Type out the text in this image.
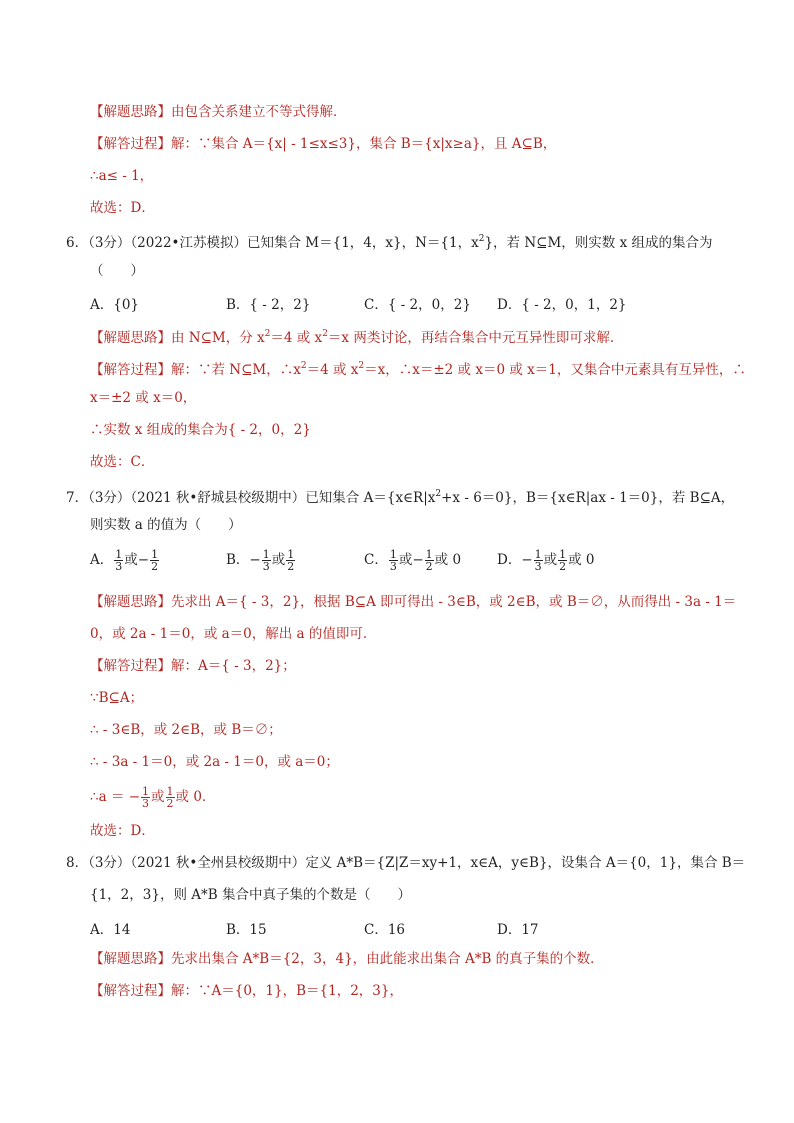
【解题思路】由包含关系建立不等式得解．
【解答过程】解：∵集合 A＝{x| - 1≤x≤3}，集合 B＝{x|x≥a}，且 A⊆B，
∴a≤ - 1，
故选：D．
6．（3分）（2022•江苏模拟）已知集合 M＝{1，4，x}，N＝{1，$x^2$}，若 N⊆M，则实数 x 组成的集合为
（　　）
A．{0}	B．{ - 2，2}	C．{ - 2，0，2} D．{ - 2，0，1，2}
【解题思路】由 N⊆M，分 $x^2=4$ 或 $x^2=x$ 两类讨论，再结合集合中元互异性即可求解．
【解答过程】解：∵若 N⊆M，$\therefore x^2=4$ 或 $x^2=x$，∴x＝±2 或 x＝0 或 x＝1，又集合中元素具有互异性，∴
x＝±2 或 x＝0，
∴实数 x 组成的集合为{ - 2，0，2}
故选：C．
7．（3分）（2021 秋•舒城县校级期中）已知集合 $A=\{x\in R|x^2+x - 6=0\}$，B＝{x∈R|ax - 1＝0}，若 B⊆A，
则实数 a 的值为（　　）
A． $\frac{1}{3}$ 或− $\frac{1}{2}$	B．− $\frac{1}{3}$ 或 $\frac{1}{2}$	C． $\frac{1}{3}$ 或− $\frac{1}{2}$ 或 0	D．− $\frac{1}{3}$ 或 $\frac{1}{2}$ 或 0
【解题思路】先求出 A＝{ - 3，2}，根据 B⊆A 即可得出 - 3∈B，或 2∈B，或 B＝∅，从而得出 - 3a - 1＝
0，或 2a - 1＝0，或 a＝0，解出 a 的值即可．
【解答过程】解：A＝{ - 3，2}；
∵B⊆A；
∴ - 3∈B，或 2∈B，或 B＝∅；
∴ - 3a - 1＝0，或 2a - 1＝0，或 a＝0；
∴a ＝ − $\frac{1}{3}$ 或 $\frac{1}{2}$ 或 0．
故选：D．
8．（3分）（2021 秋•全州县校级期中）定义 A*B＝{Z|Z＝xy+1，x∈A，y∈B}，设集合 A＝{0，1}，集合 B＝
{1，2，3}，则 A*B 集合中真子集的个数是（　　）
A．14	B．15	C．16	D．17
【解题思路】先求出集合 A*B＝{2，3，4}，由此能求出集合 A*B 的真子集的个数．
【解答过程】解：∵A＝{0，1}，B＝{1，2，3}，
